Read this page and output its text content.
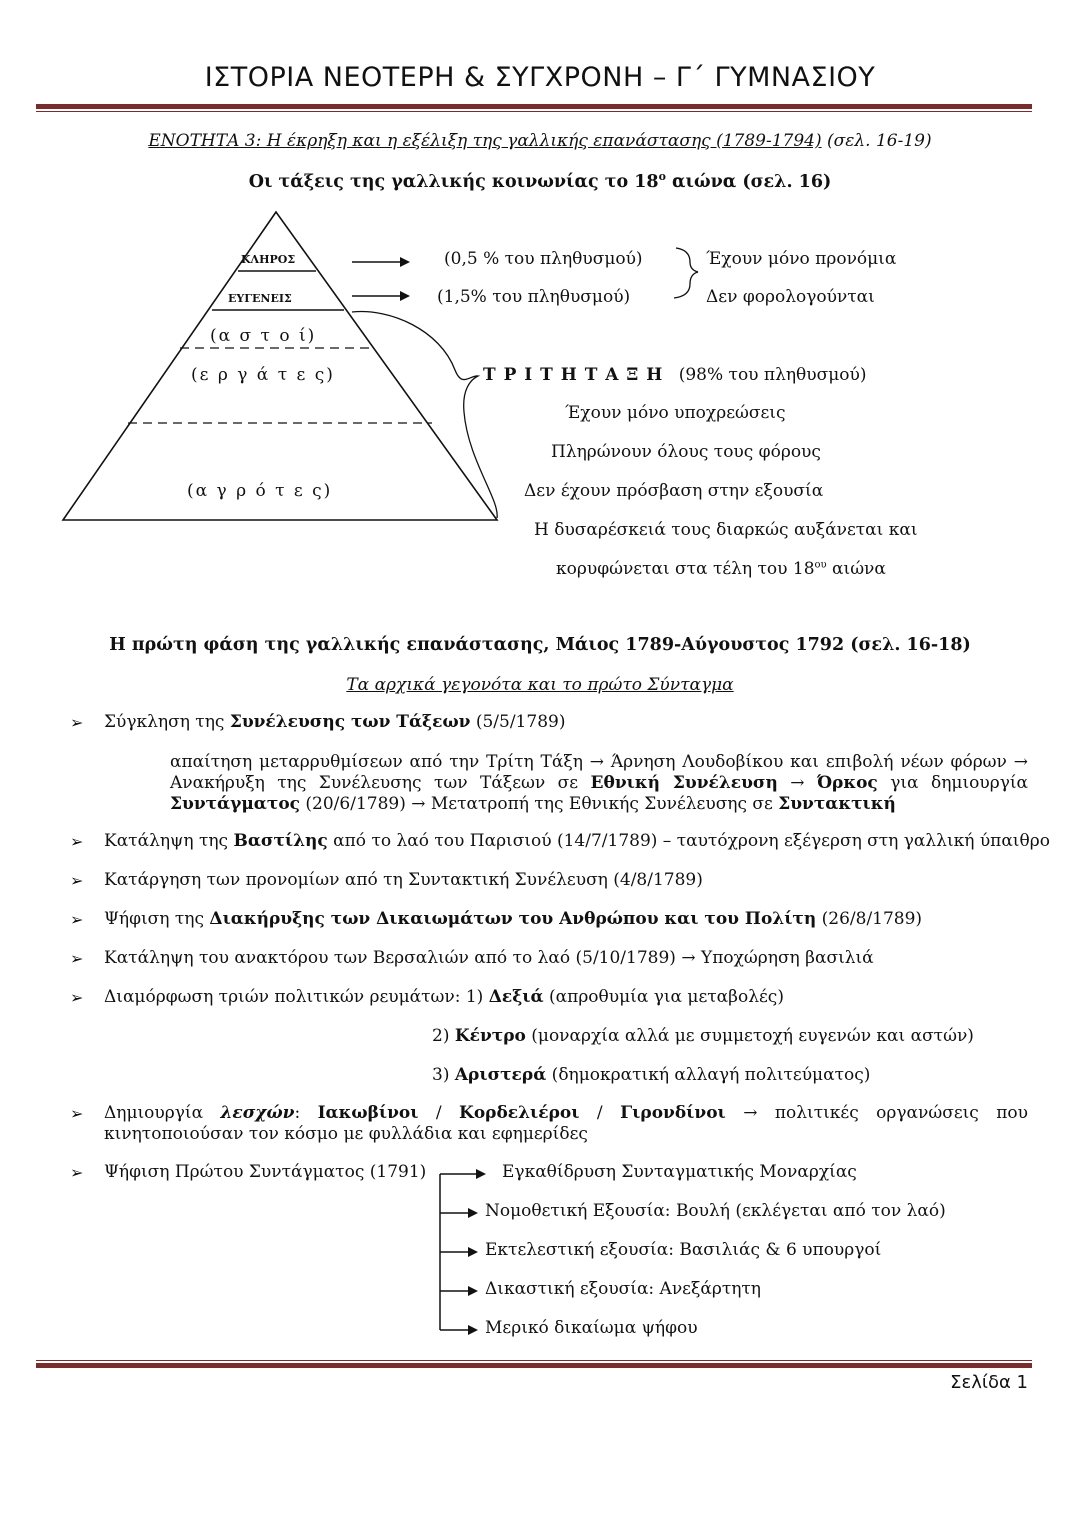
ΙΣΤΟΡΙΑ ΝΕΟΤΕΡΗ & ΣΥΓΧΡΟΝΗ – Γ΄ ΓΥΜΝΑΣΙΟΥ
ΕΝΟΤΗΤΑ 3: Η έκρηξη και η εξέλιξη της γαλλικής επανάστασης (1789-1794) (σελ. 16-19)
Οι τάξεις της γαλλικής κοινωνίας το $18^o$ αιώνα (σελ. 16)
ΚΛΗΡΟΣ
ΕΥΓΕΝΕΙΣ
(α σ τ ο ί)
(ε ρ γ ά τ ε ς)
(α γ ρ ό τ ε ς)
(0,5 % του πληθυσμού)
(1,5% του πληθυσμού)
Έχουν μόνο προνόμια
Δεν φορολογούνται
Τ Ρ Ι Τ Η Τ Α Ξ Η (98% του πληθυσμού)
Έχουν μόνο υποχρεώσεις
Πληρώνουν όλους τους φόρους
Δεν έχουν πρόσβαση στην εξουσία
Η δυσαρέσκειά τους διαρκώς αυξάνεται και
κορυφώνεται στα τέλη του $18^{o\upsilon}$ αιώνα
Η πρώτη φάση της γαλλικής επανάστασης, Μάιος 1789-Αύγουστος 1792 (σελ. 16-18)
Τα αρχικά γεγονότα και το πρώτο Σύνταγμα
➢ Σύγκληση της Συνέλευσης των Τάξεων (5/5/1789)
απαίτηση μεταρρυθμίσεων από την Τρίτη Τάξη → Άρνηση Λουδοβίκου και επιβολή νέων φόρων → Ανακήρυξη της Συνέλευσης των Τάξεων σε Εθνική Συνέλευση → Όρκος για δημιουργία Συντάγματος (20/6/1789) → Μετατροπή της Εθνικής Συνέλευσης σε Συντακτική
➢ Κατάληψη της Βαστίλης από το λαό του Παρισιού (14/7/1789) – ταυτόχρονη εξέγερση στη γαλλική ύπαιθρο
➢ Κατάργηση των προνομίων από τη Συντακτική Συνέλευση (4/8/1789)
➢ Ψήφιση της Διακήρυξης των Δικαιωμάτων του Ανθρώπου και του Πολίτη (26/8/1789)
➢ Κατάληψη του ανακτόρου των Βερσαλιών από το λαό (5/10/1789) → Υποχώρηση βασιλιά
➢ Διαμόρφωση τριών πολιτικών ρευμάτων: 1) Δεξιά (απροθυμία για μεταβολές)
2) Κέντρο (μοναρχία αλλά με συμμετοχή ευγενών και αστών)
3) Αριστερά (δημοκρατική αλλαγή πολιτεύματος)
➢ Δημιουργία λεσχών: Ιακωβίνοι / Κορδελιέροι / Γιρονδίνοι → πολιτικές οργανώσεις που κινητοποιούσαν τον κόσμο με φυλλάδια και εφημερίδες
➢ Ψήφιση Πρώτου Συντάγματος (1791)	Εγκαθίδρυση Συνταγματικής Μοναρχίας
Νομοθετική Εξουσία: Βουλή (εκλέγεται από τον λαό)
Εκτελεστική εξουσία: Βασιλιάς & 6 υπουργοί
Δικαστική εξουσία: Ανεξάρτητη
Μερικό δικαίωμα ψήφου
Σελίδα 1
